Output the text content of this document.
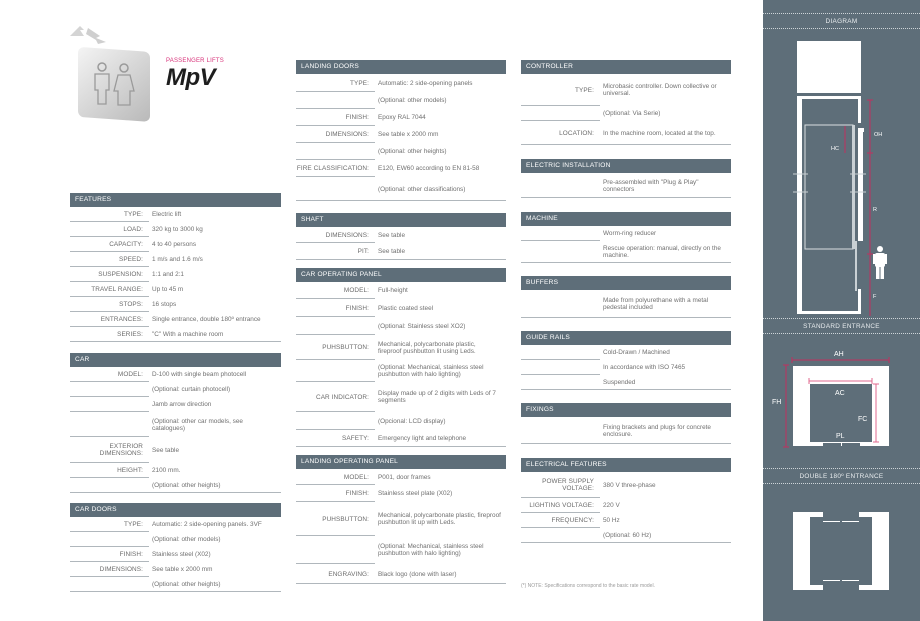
PASSENGER LIFTS
MpV
FEATURES
TYPE:	Electric lift
LOAD:	320 kg to 3000 kg
CAPACITY:	4 to 40 persons
SPEED:	1 m/s and 1.6 m/s
SUSPENSION:	1:1 and 2:1
TRAVEL RANGE:	Up to 45 m
STOPS:	16 stops
ENTRANCES:	Single entrance, double 180º entrance
SERIES:	"C" With a machine room
CAR
MODEL:	D-100 with single beam photocell
(Optional: curtain photocell)
Jamb arrow direction
(Optional: other car models, see catalogues)
EXTERIOR DIMENSIONS:	See table
HEIGHT:	2100 mm.
(Optional: other heights)
CAR DOORS
TYPE:	Automatic: 2 side-opening panels. 3VF
(Optional: other models)
FINISH:	Stainless steel (X02)
DIMENSIONS:	See table x 2000 mm
(Optional: other heights)
LANDING DOORS
TYPE:	Automatic: 2 side-opening panels
(Optional: other models)
FINISH:	Epoxy RAL 7044
DIMENSIONS:	See table x 2000 mm
(Optional: other heights)
FIRE CLASSIFICATION:	E120, EW60 according to EN 81-58
(Optional: other classifications)
SHAFT
DIMENSIONS:	See table
PIT:	See table
CAR OPERATING PANEL
MODEL:	Full-height
FINISH:	Plastic coated steel
(Optional: Stainless steel XO2)
PUHSBUTTON:	Mechanical, polycarbonate plastic, fireproof pushbutton lit using Leds.
(Optional: Mechanical, stainless steel pushbutton with halo lighting)
CAR INDICATOR:	Display made up of 2 digits with Leds of 7 segments
(Opcional: LCD display)
SAFETY:	Emergency light and telephone
LANDING OPERATING PANEL
MODEL:	P001, door frames
FINISH:	Stainless steel plate (X02)
PUHSBUTTON:	Mechanical, polycarbonate plastic, fireproof pushbutton lit up with Leds.
(Optional: Mechanical, stainless steel pushbutton with halo lighting)
ENGRAVING:	Black logo (done with laser)
CONTROLLER
TYPE:	Microbasic controller. Down collective or universal.
(Optional: Via Serie)
LOCATION:	In the machine room, located at the top.
ELECTRIC INSTALLATION
Pre-assembled with "Plug & Play" connectors
MACHINE
Worm-ring reducer
Rescue operation: manual, directly on the machine.
BUFFERS
Made from polyurethane with a metal pedestal included
GUIDE RAILS
Cold-Drawn / Machined
In accordance with ISO 7465
Suspended
FIXINGS
Fixing brackets and plugs for concrete enclosure.
ELECTRICAL FEATURES
POWER SUPPLY VOLTAGE:	380 V three-phase
LIGHTING VOLTAGE:	220 V
FREQUENCY:	50 Hz
(Optional: 60 Hz)
(*) NOTE: Specifications correspond to the basic rate model.
DIAGRAM
OH
HC
R
F
STANDARD ENTRANCE
AH
FH
AC
FC
PL
DOUBLE 180º ENTRANCE
